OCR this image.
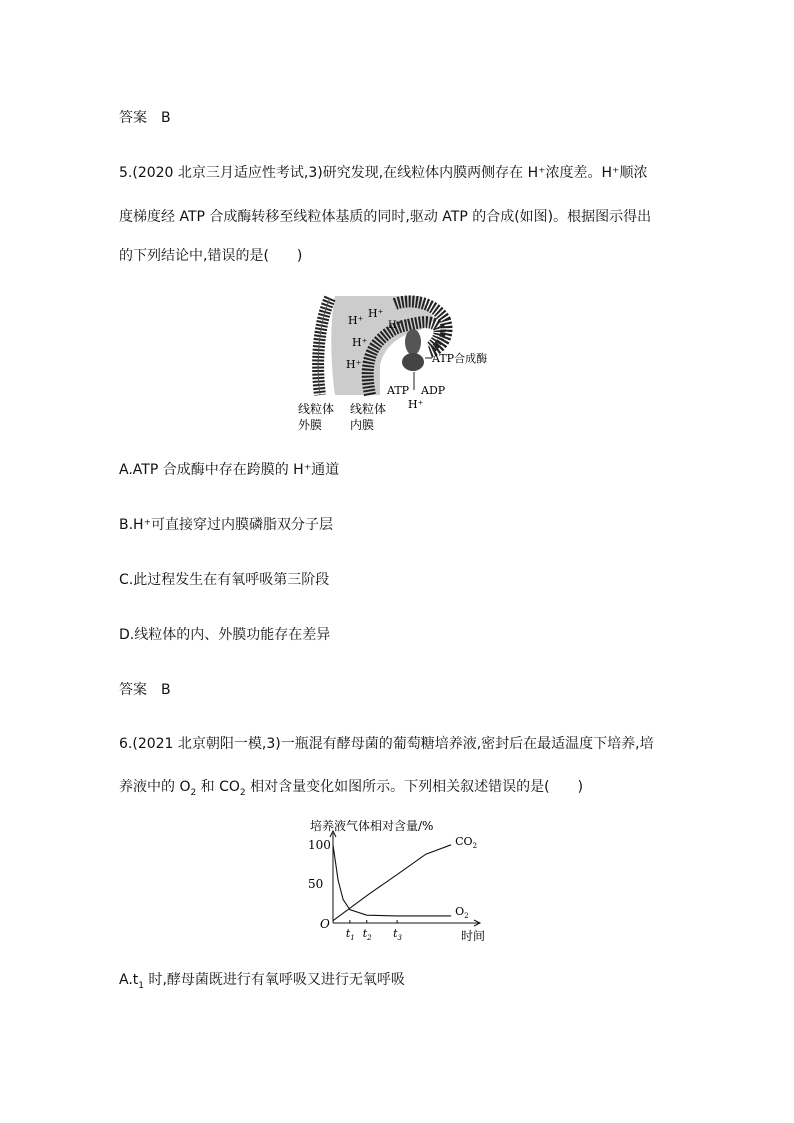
答案 B
5.(2020 北京三月适应性考试,3)研究发现,在线粒体内膜两侧存在 H⁺浓度差。H⁺顺浓
度梯度经 ATP 合成酶转移至线粒体基质的同时,驱动 ATP 的合成(如图)。根据图示得出
的下列结论中,错误的是(　　)
H⁺
H⁺
H⁺
H⁺
H⁺
H⁺
ATP合成酶
ATP ADP
线粒体
外膜
线粒体
内膜
A.ATP 合成酶中存在跨膜的 H⁺通道
B.H⁺可直接穿过内膜磷脂双分子层
C.此过程发生在有氧呼吸第三阶段
D.线粒体的内、外膜功能存在差异
答案 B
6.(2021 北京朝阳一模,3)一瓶混有酵母菌的葡萄糖培养液,密封后在最适温度下培养,培
养液中的 $O_2$ 和 $CO_2$ 相对含量变化如图所示。下列相关叙述错误的是(　　)
培养液气体相对含量/%
O
时间
100
50
$t_1$ $t_2$ $t_3$
$CO_2$
$O_2$
$A.t_1$ 时,酵母菌既进行有氧呼吸又进行无氧呼吸
